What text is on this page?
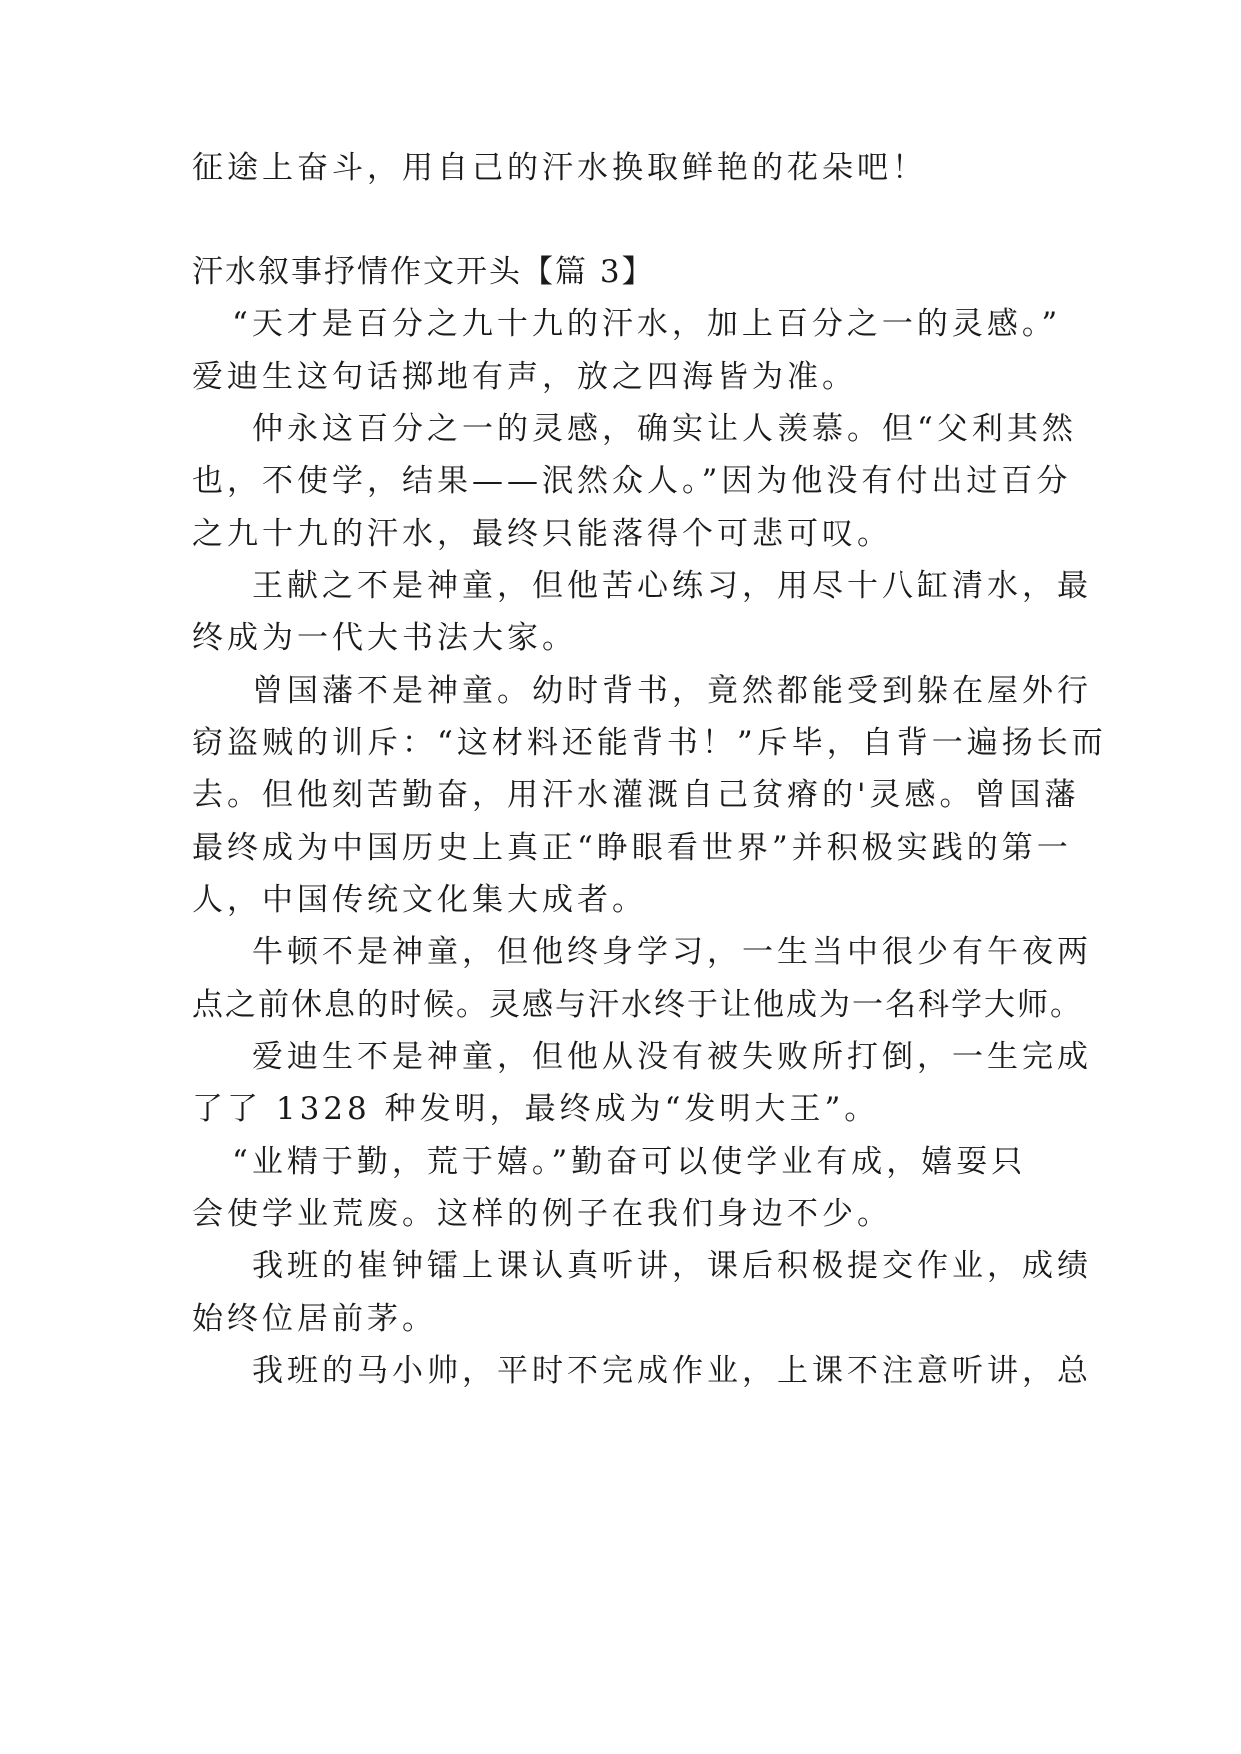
征途上奋斗，用自己的汗水换取鲜艳的花朵吧！
汗水叙事抒情作文开头【篇 3】
“天才是百分之九十九的汗水，加上百分之一的灵感。”
爱迪生这句话掷地有声，放之四海皆为准。
仲永这百分之一的灵感，确实让人羡慕。但“父利其然
也，不使学，结果——泯然众人。”因为他没有付出过百分
之九十九的汗水，最终只能落得个可悲可叹。
王献之不是神童，但他苦心练习，用尽十八缸清水，最
终成为一代大书法大家。
曾国藩不是神童。幼时背书，竟然都能受到躲在屋外行
窃盗贼的训斥：“这材料还能背书！”斥毕，自背一遍扬长而
去。但他刻苦勤奋，用汗水灌溉自己贫瘠的'灵感。曾国藩
最终成为中国历史上真正“睁眼看世界”并积极实践的第一
人，中国传统文化集大成者。
牛顿不是神童，但他终身学习，一生当中很少有午夜两
点之前休息的时候。灵感与汗水终于让他成为一名科学大师。
爱迪生不是神童，但他从没有被失败所打倒，一生完成
了了 1328 种发明，最终成为“发明大王”。
“业精于勤，荒于嬉。”勤奋可以使学业有成，嬉耍只
会使学业荒废。这样的例子在我们身边不少。
我班的崔钟镭上课认真听讲，课后积极提交作业，成绩
始终位居前茅。
我班的马小帅，平时不完成作业，上课不注意听讲，总
